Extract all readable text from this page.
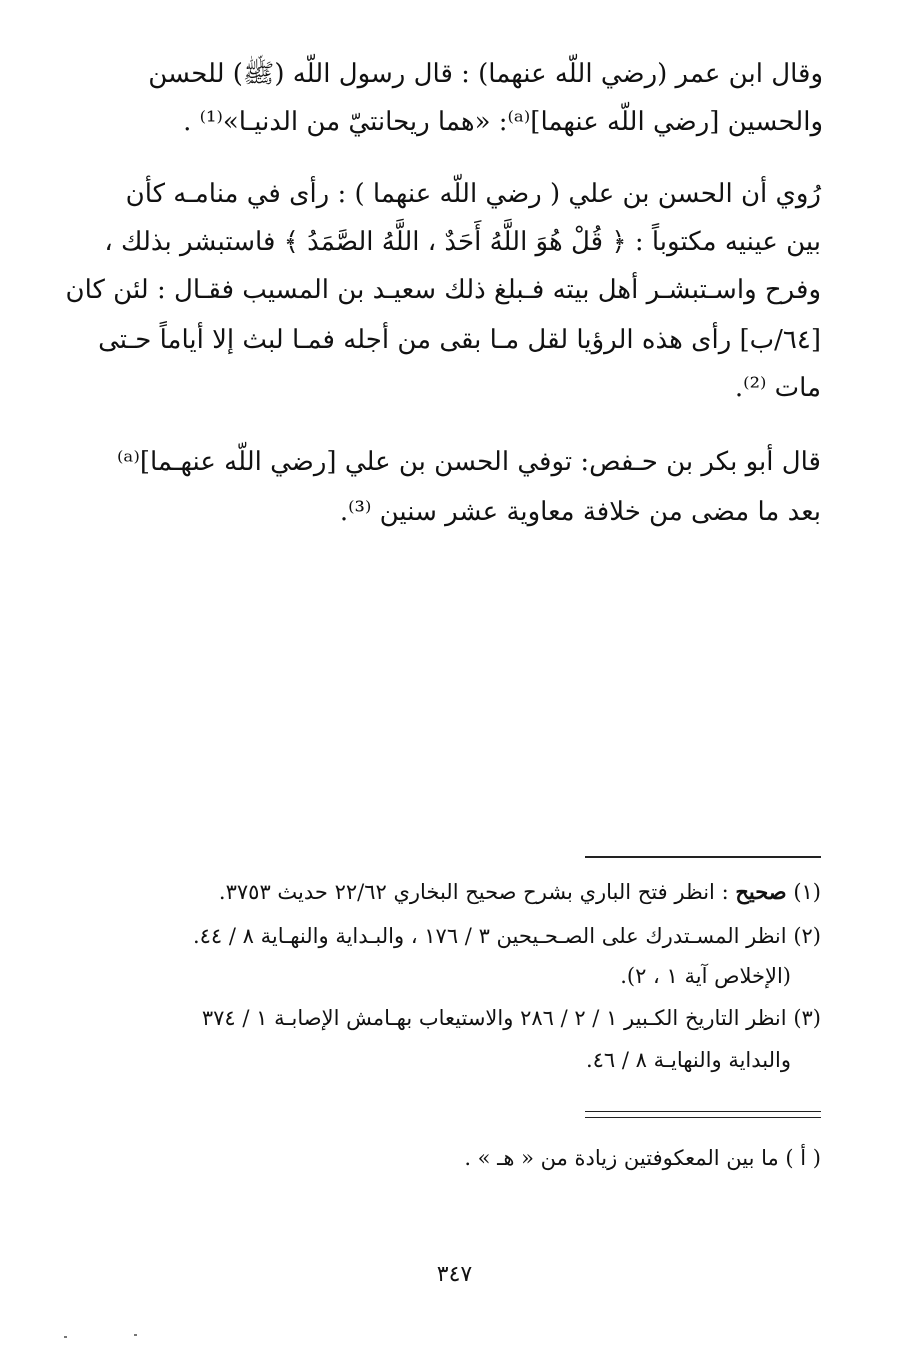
وقال ابن عمر (رضي اللّه عنهما) : قال رسول اللّه (ﷺ) للحسن
والحسين [رضي اللّه عنهما]⁽ᵃ⁾: «هما ريحانتيّ من الدنيـا»⁽¹⁾ .
رُوي أن الحسن بن علي ( رضي اللّه عنهما ) : رأى في منامـه كأن
بين عينيه مكتوباً : ﴿ قُلْ هُوَ اللَّهُ أَحَدٌ ، اللَّهُ الصَّمَدُ ﴾ فاستبشر بذلك ،
وفرح واسـتبشـر أهل بيته فـبلغ ذلك سعيـد بن المسيب فقـال : لئن كان
[٦٤/ب] رأى هذه الرؤيا لقل مـا بقى من أجله فمـا لبث إلا أياماً حـتى
مات ⁽²⁾.
قال أبو بكر بن حـفص: توفي الحسن بن علي [رضي اللّه عنهـما]⁽ᵃ⁾
بعد ما مضى من خلافة معاوية عشر سنين ⁽³⁾.
(١) صحيح : انظر فتح الباري بشرح صحيح البخاري ٢٢/٦٢ حديث ٣٧٥٣.
(٢) انظر المسـتدرك على الصـحـيحين ٣ / ١٧٦ ، والبـداية والنهـاية ٨ / ٤٤.
(الإخلاص آية ١ ، ٢).
(٣) انظر التاريخ الكـبير ١ / ٢ / ٢٨٦ والاستيعاب بهـامش الإصابـة ١ / ٣٧٤
والبداية والنهايـة ٨ / ٤٦.
( أ ) ما بين المعكوفتين زيادة من « هـ » .
٣٤٧
